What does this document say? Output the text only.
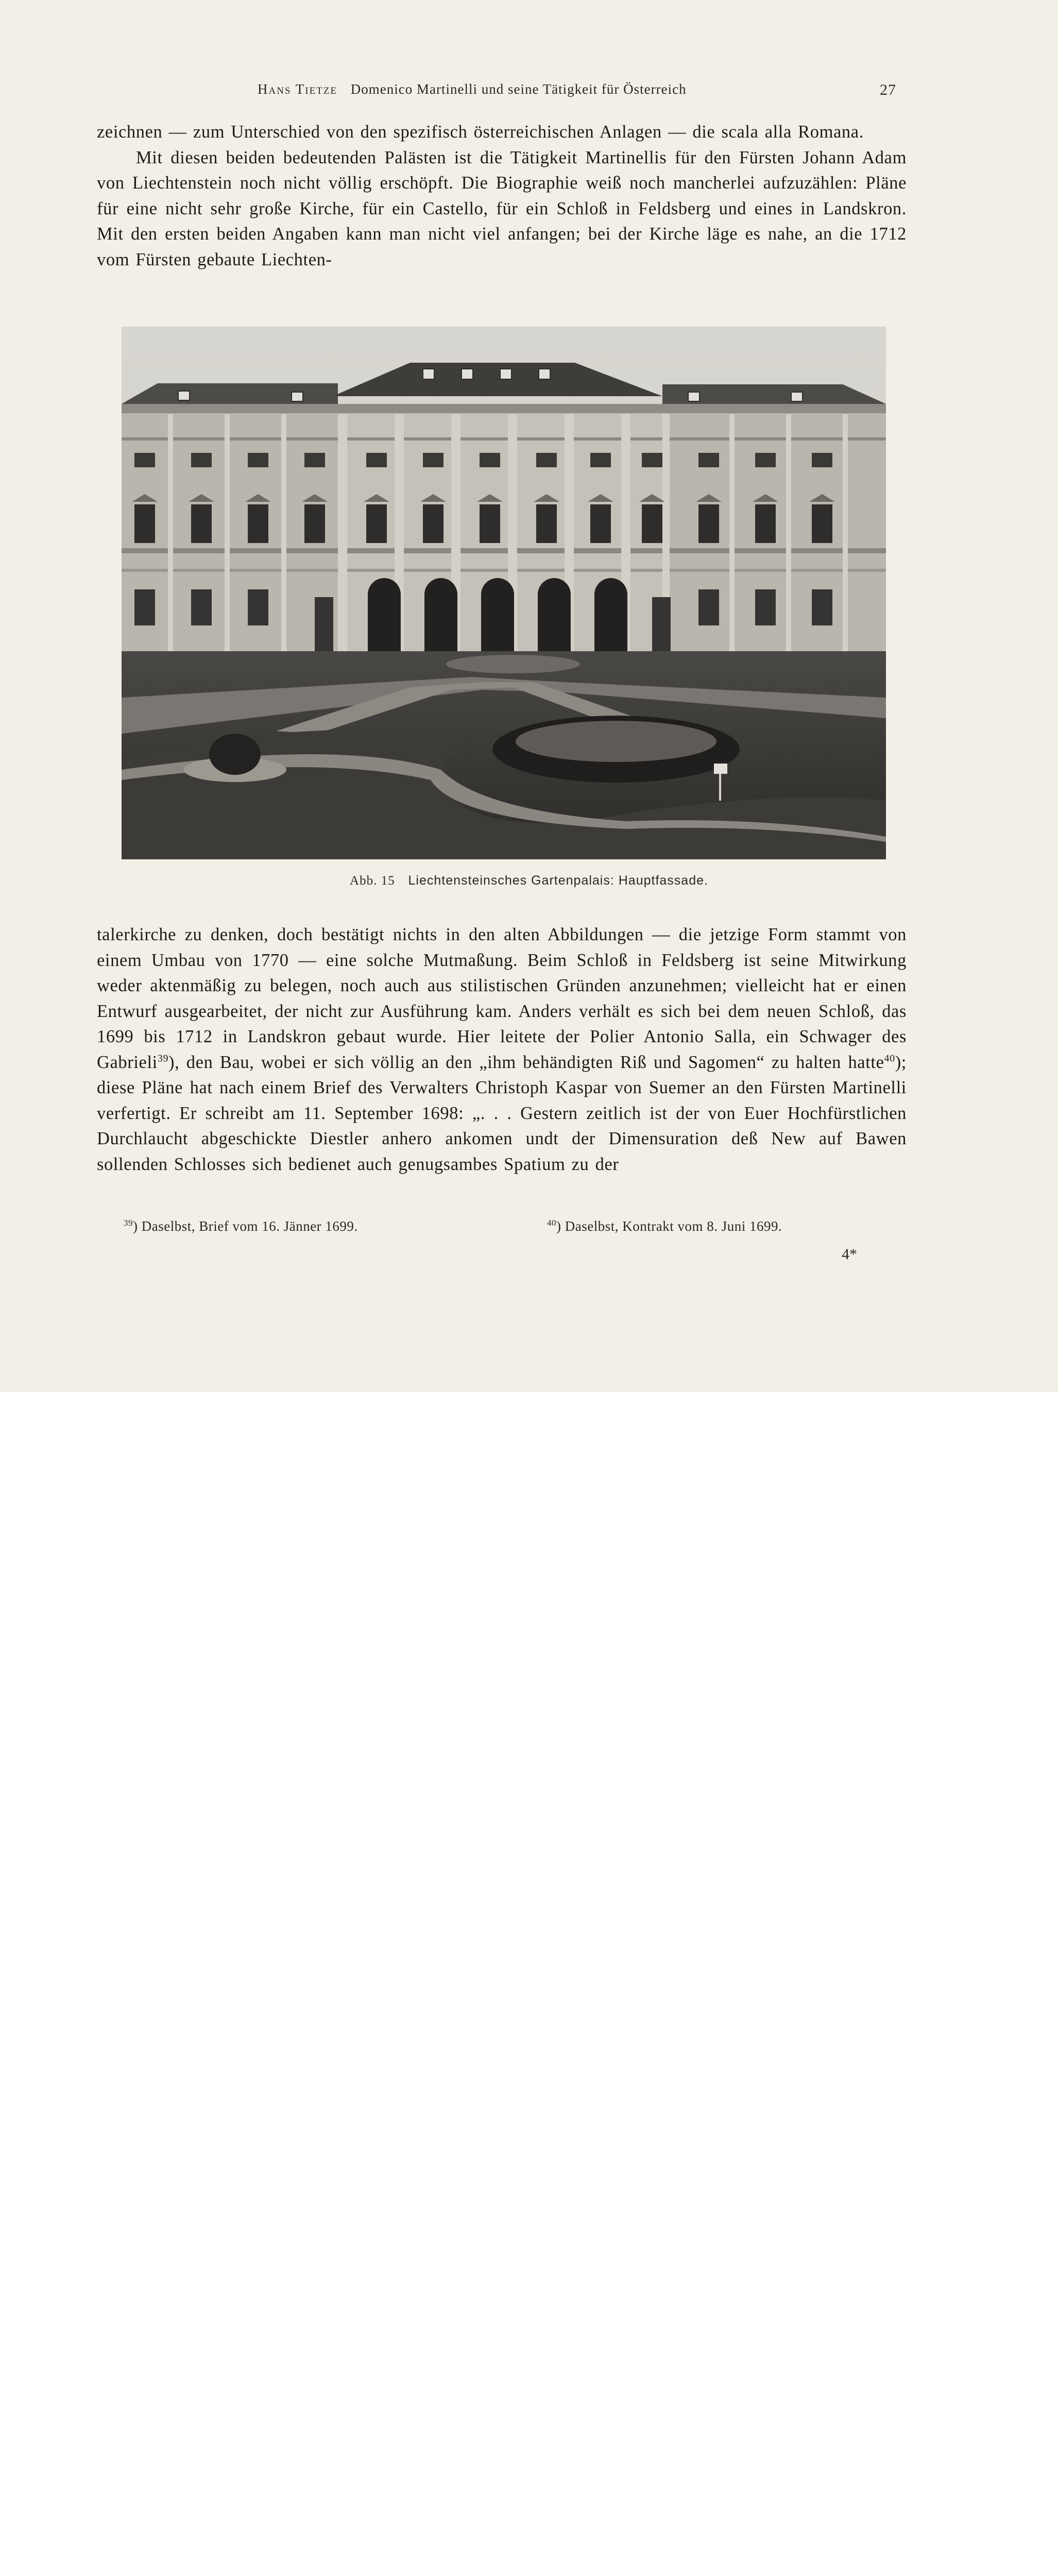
Hans Tietze Domenico Martinelli und seine Tätigkeit für Österreich	27

zeichnen — zum Unterschied von den spezifisch österreichischen Anlagen — die scala alla Romana.

Mit diesen beiden bedeutenden Palästen ist die Tätigkeit Martinellis für den Fürsten Johann Adam von Liechtenstein noch nicht völlig erschöpft. Die Biographie weiß noch mancherlei aufzuzählen: Pläne für eine nicht sehr große Kirche, für ein Castello, für ein Schloß in Feldsberg und eines in Landskron. Mit den ersten beiden Angaben kann man nicht viel anfangen; bei der Kirche läge es nahe, an die 1712 vom Fürsten gebaute Liechten-

Abb. 15 Liechtensteinsches Gartenpalais: Hauptfassade.

talerkirche zu denken, doch bestätigt nichts in den alten Abbildungen — die jetzige Form stammt von einem Umbau von 1770 — eine solche Mutmaßung. Beim Schloß in Feldsberg ist seine Mitwirkung weder aktenmäßig zu belegen, noch auch aus stilistischen Gründen anzunehmen; vielleicht hat er einen Entwurf ausgearbeitet, der nicht zur Ausführung kam. Anders verhält es sich bei dem neuen Schloß, das 1699 bis 1712 in Landskron gebaut wurde. Hier leitete der Polier Antonio Salla, ein Schwager des Gabrieli$^{39}$), den Bau, wobei er sich völlig an den „ihm behändigten Riß und Sagomen“ zu halten hatte$^{40}$); diese Pläne hat nach einem Brief des Verwalters Christoph Kaspar von Suemer an den Fürsten Martinelli verfertigt. Er schreibt am 11. September 1698: „. . . Gestern zeitlich ist der von Euer Hochfürstlichen Durchlaucht abgeschickte Diestler anhero ankomen undt der Dimensuration deß New auf Bawen sollenden Schlosses sich bedienet auch genugsambes Spatium zu der

$^{39}$) Daselbst, Brief vom 16. Jänner 1699.	$^{40}$) Daselbst, Kontrakt vom 8. Juni 1699.
4*
